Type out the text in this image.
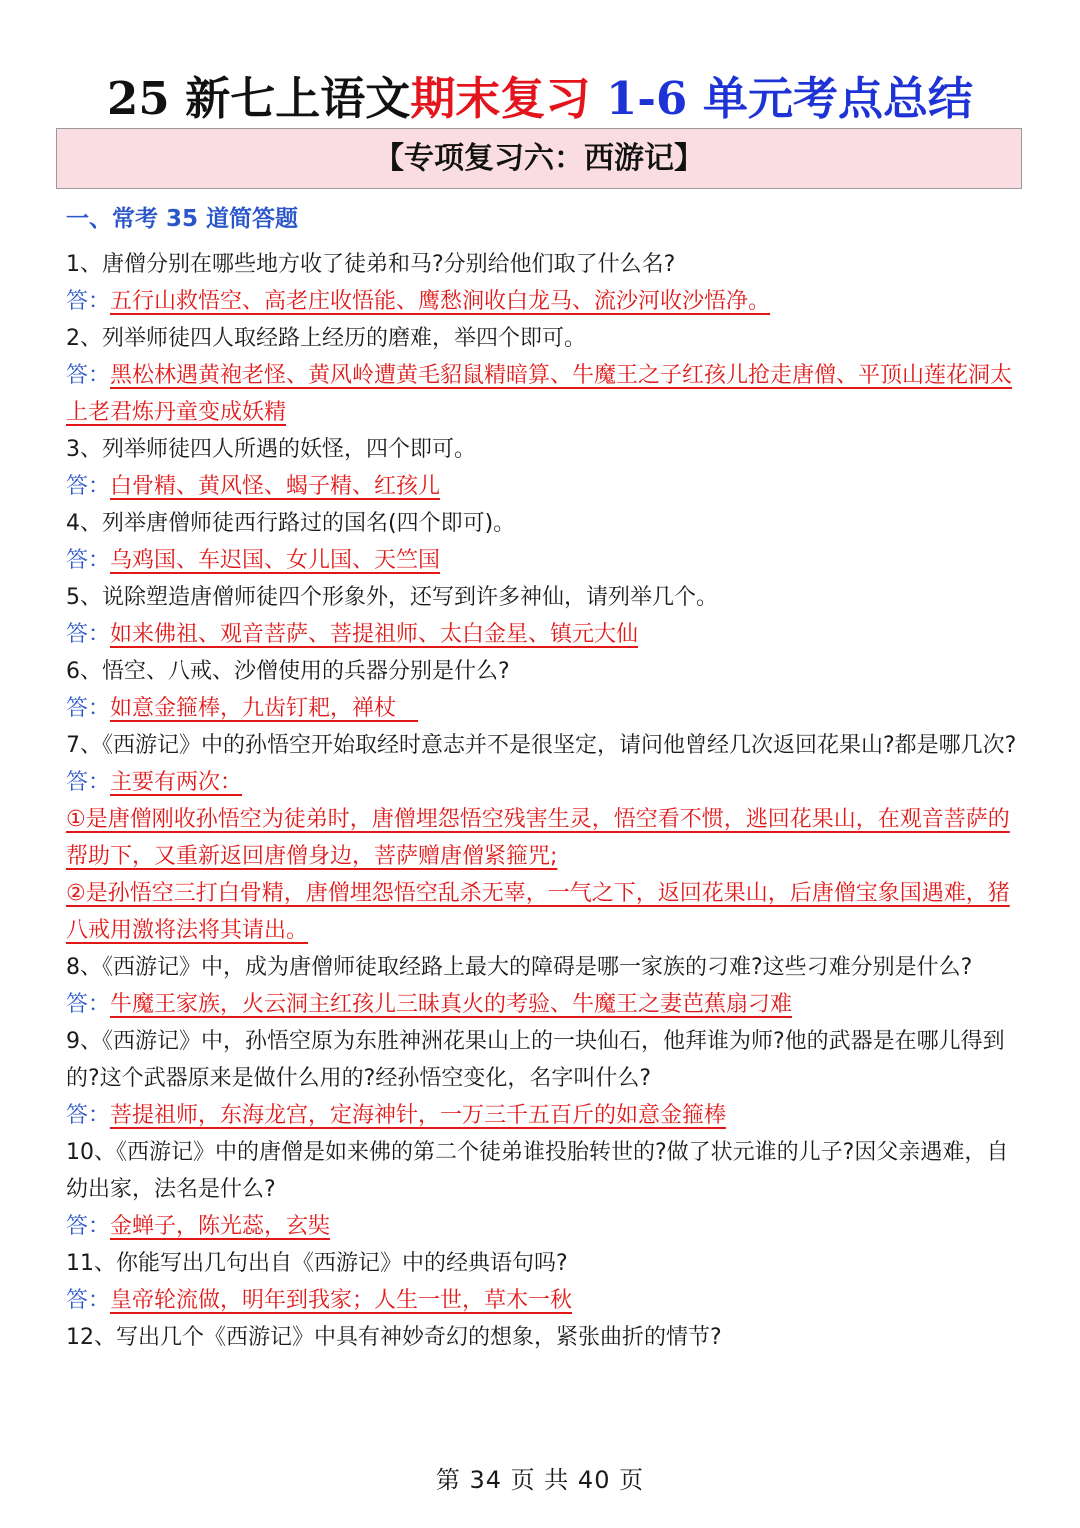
25 新七上语文期末复习 1-6 单元考点总结
【专项复习六：西游记】
一、常考 35 道简答题

1、唐僧分别在哪些地方收了徒弟和马?分别给他们取了什么名?

答：五行山救悟空、高老庄收悟能、鹰愁涧收白龙马、流沙河收沙悟净。

2、列举师徒四人取经路上经历的磨难，举四个即可。

答：黑松林遇黄袍老怪、黄风岭遭黄毛貂鼠精暗算、牛魔王之子红孩儿抢走唐僧、平顶山莲花洞太上老君炼丹童变成妖精

3、列举师徒四人所遇的妖怪，四个即可。

答：白骨精、黄风怪、蝎子精、红孩儿

4、列举唐僧师徒西行路过的国名(四个即可)。

答：乌鸡国、车迟国、女儿国、天竺国

5、说除塑造唐僧师徒四个形象外，还写到许多神仙，请列举几个。

答：如来佛祖、观音菩萨、菩提祖师、太白金星、镇元大仙

6、悟空、八戒、沙僧使用的兵器分别是什么?

答：如意金箍棒，九齿钉耙，禅杖　

7、《西游记》中的孙悟空开始取经时意志并不是很坚定，请问他曾经几次返回花果山?都是哪几次?

答：主要有两次：

①是唐僧刚收孙悟空为徒弟时，唐僧埋怨悟空残害生灵，悟空看不惯，逃回花果山，在观音菩萨的帮助下，又重新返回唐僧身边，菩萨赠唐僧紧箍咒;

②是孙悟空三打白骨精，唐僧埋怨悟空乱杀无辜，一气之下，返回花果山，后唐僧宝象国遇难，猪八戒用激将法将其请出。

8、《西游记》中，成为唐僧师徒取经路上最大的障碍是哪一家族的刁难?这些刁难分别是什么?

答：牛魔王家族，火云洞主红孩儿三昧真火的考验、牛魔王之妻芭蕉扇刁难

9、《西游记》中，孙悟空原为东胜神洲花果山上的一块仙石，他拜谁为师?他的武器是在哪儿得到的?这个武器原来是做什么用的?经孙悟空变化，名字叫什么?

答：菩提祖师，东海龙宫，定海神针，一万三千五百斤的如意金箍棒

10、《西游记》中的唐僧是如来佛的第二个徒弟谁投胎转世的?做了状元谁的儿子?因父亲遇难，自幼出家，法名是什么?

答：金蝉子，陈光蕊，玄奘

11、你能写出几句出自《西游记》中的经典语句吗?

答：皇帝轮流做，明年到我家；人生一世，草木一秋

12、写出几个《西游记》中具有神妙奇幻的想象，紧张曲折的情节?

第 34 页 共 40 页
